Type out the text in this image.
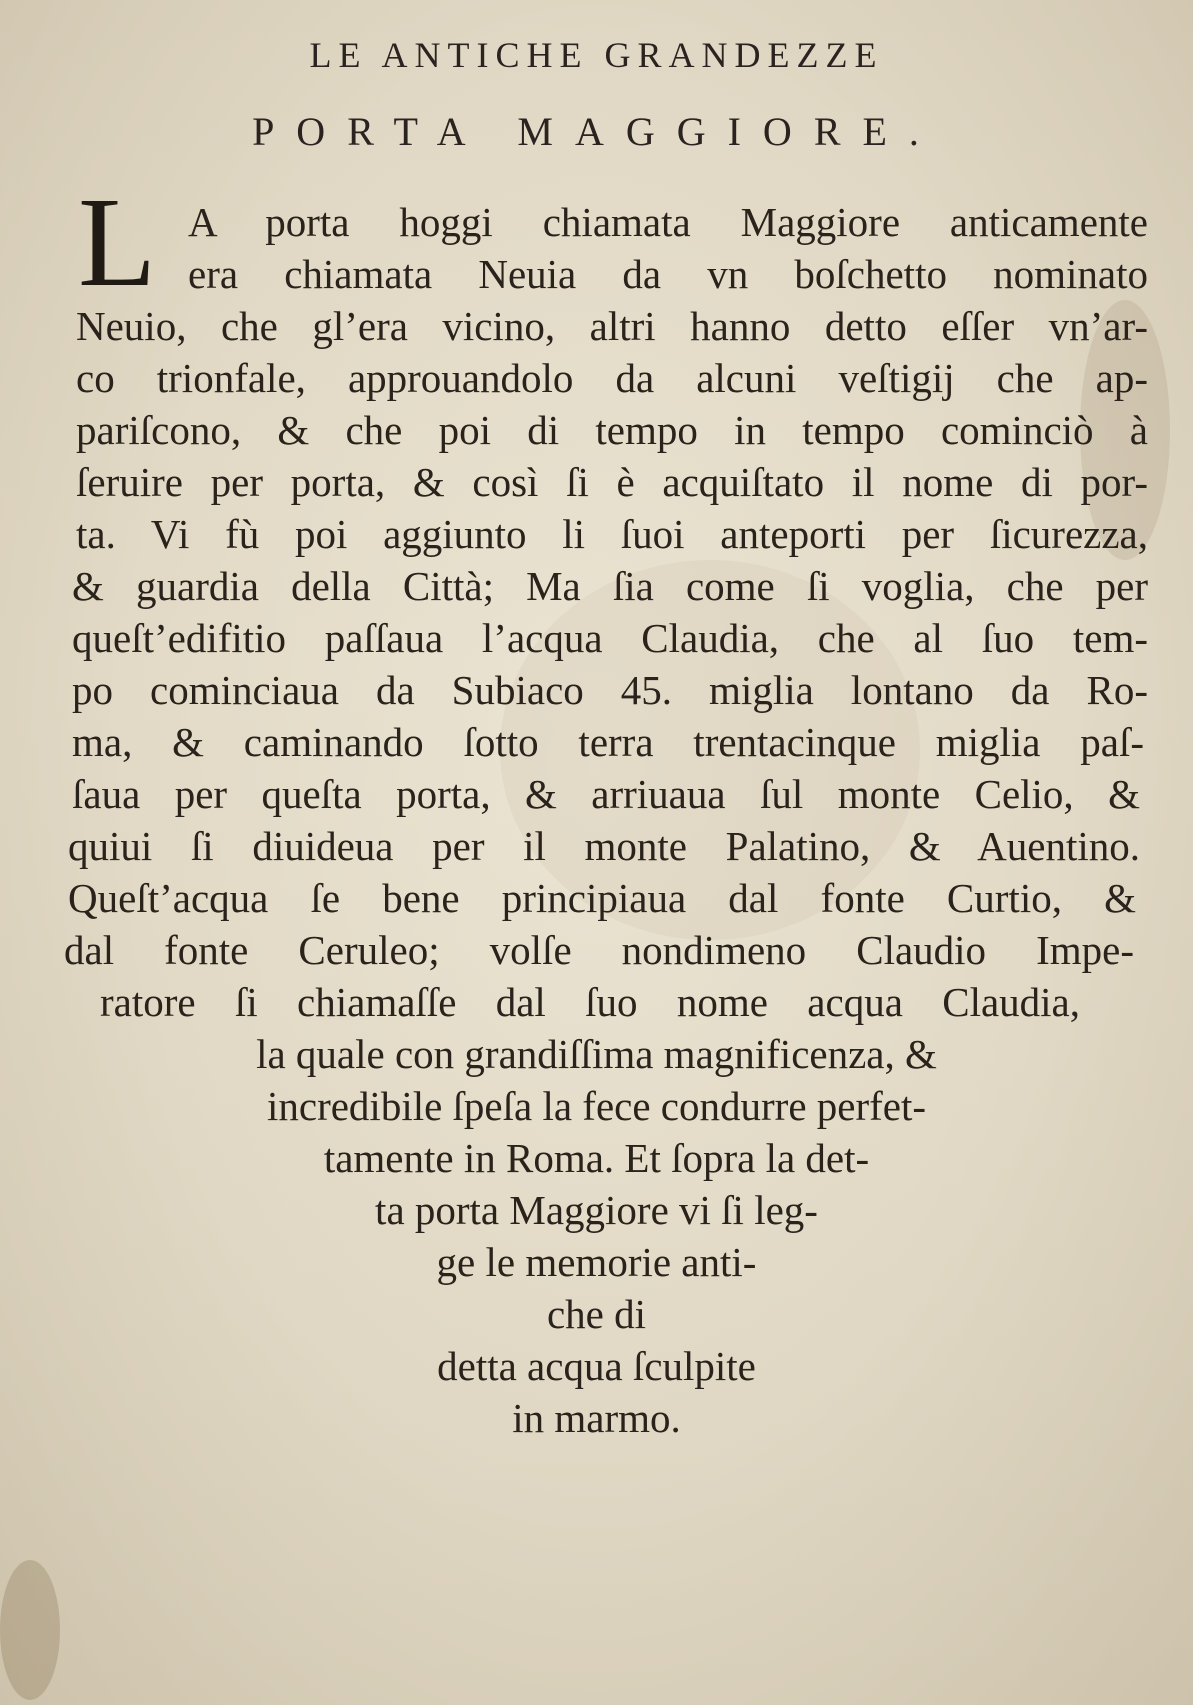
LE ANTICHE GRANDEZZE
PORTA MAGGIORE.
L A porta hoggi chiamata Maggiore anticamente
era chiamata Neuia da vn boſchetto nominato
Neuio, che gl’era vicino, altri hanno detto eſſer vn’ar-
co trionfale, approuandolo da alcuni veſtigij che ap-
pariſcono, & che poi di tempo in tempo cominciò à
ſeruire per porta, & così ſi è acquiſtato il nome di por-
ta. Vi fù poi aggiunto li ſuoi anteporti per ſicurezza,
& guardia della Città; Ma ſia come ſi voglia, che per
queſt’edifitio paſſaua l’acqua Claudia, che al ſuo tem-
po cominciaua da Subiaco 45. miglia lontano da Ro-
ma, & caminando ſotto terra trentacinque miglia paſ-
ſaua per queſta porta, & arriuaua ſul monte Celio, &
quiui ſi diuideua per il monte Palatino, & Auentino.
Queſt’acqua ſe bene principiaua dal fonte Curtio, &
dal fonte Ceruleo; volſe nondimeno Claudio Impe-
ratore ſi chiamaſſe dal ſuo nome acqua Claudia,
la quale con grandiſſima magnificenza, &
incredibile ſpeſa la fece condurre perfet-
tamente in Roma. Et ſopra la det-
ta porta Maggiore vi ſi leg-
ge le memorie anti-
che di
detta acqua ſculpite
in marmo.
